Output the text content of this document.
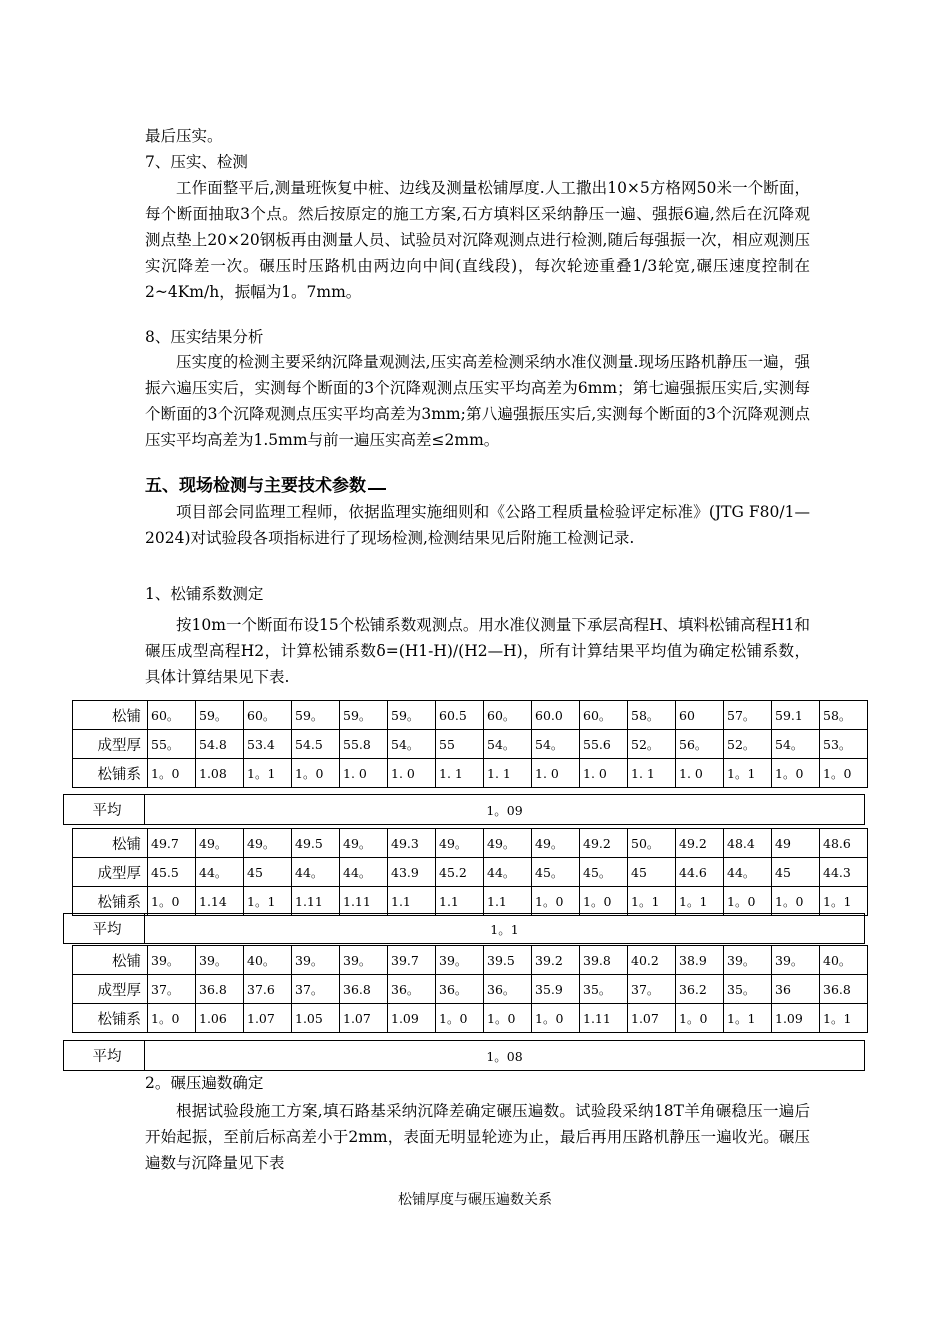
最后压实。

7、压实、检测

工作面整平后,测量班恢复中桩、边线及测量松铺厚度.人工撒出10×5方格网50米一个断面，每个断面抽取3个点。然后按原定的施工方案,石方填料区采纳静压一遍、强振6遍,然后在沉降观测点垫上20×20钢板再由测量人员、试验员对沉降观测点进行检测,随后每强振一次，相应观测压实沉降差一次。碾压时压路机由两边向中间(直线段)，每次轮迹重叠1/3轮宽,碾压速度控制在2~4Km/h，振幅为1。7mm。

8、压实结果分析

压实度的检测主要采纳沉降量观测法,压实高差检测采纳水准仪测量.现场压路机静压一遍，强振六遍压实后，实测每个断面的3个沉降观测点压实平均高差为6mm；第七遍强振压实后,实测每个断面的3个沉降观测点压实平均高差为3mm;第八遍强振压实后,实测每个断面的3个沉降观测点压实平均高差为1.5mm与前一遍压实高差≤2mm。

五、现场检测与主要技术参数

项目部会同监理工程师，依据监理实施细则和《公路工程质量检验评定标准》(JTG F80/1—2024)对试验段各项指标进行了现场检测,检测结果见后附施工检测记录.

1、松铺系数测定

按10m一个断面布设15个松铺系数观测点。用水准仪测量下承层高程H、填料松铺高程H1和碾压成型高程H2，计算松铺系数δ=(H1-H)/(H2—H)，所有计算结果平均值为确定松铺系数，具体计算结果见下表.

松铺	60。	59。	60。	59。	59。	59。	60.5	60。	60.0	60。	58。	60	57。	59.1	58。
成型厚	55。	54.8	53.4	54.5	55.8	54。	55	54。	54。	55.6	52。	56。	52。	54。	53。
松铺系	1。0	1.08	1。1	1。0	1. 0	1. 0	1. 1	1. 1	1. 0	1. 0	1. 1	1. 0	1。1	1。0	1。0
平均	1。09
松铺	49.7	49。	49。	49.5	49。	49.3	49。	49。	49。	49.2	50。	49.2	48.4	49	48.6
成型厚	45.5	44。	45	44。	44。	43.9	45.2	44。	45。	45。	45	44.6	44。	45	44.3
松铺系	1。0	1.14	1。1	1.11	1.11	1.1	1.1	1.1	1。0	1。0	1。1	1。1	1。0	1。0	1。1
平均	1。1
松铺	39。	39。	40。	39。	39。	39.7	39。	39.5	39.2	39.8	40.2	38.9	39。	39。	40。
成型厚	37。	36.8	37.6	37。	36.8	36。	36。	36。	35.9	35。	37。	36.2	35。	36	36.8
松铺系	1。0	1.06	1.07	1.05	1.07	1.09	1。0	1。0	1。0	1.11	1.07	1。0	1。1	1.09	1。1
平均	1。08

2。碾压遍数确定

根据试验段施工方案,填石路基采纳沉降差确定碾压遍数。试验段采纳18T羊角碾稳压一遍后开始起振，至前后标高差小于2mm，表面无明显轮迹为止，最后再用压路机静压一遍收光。碾压遍数与沉降量见下表

松铺厚度与碾压遍数关系
